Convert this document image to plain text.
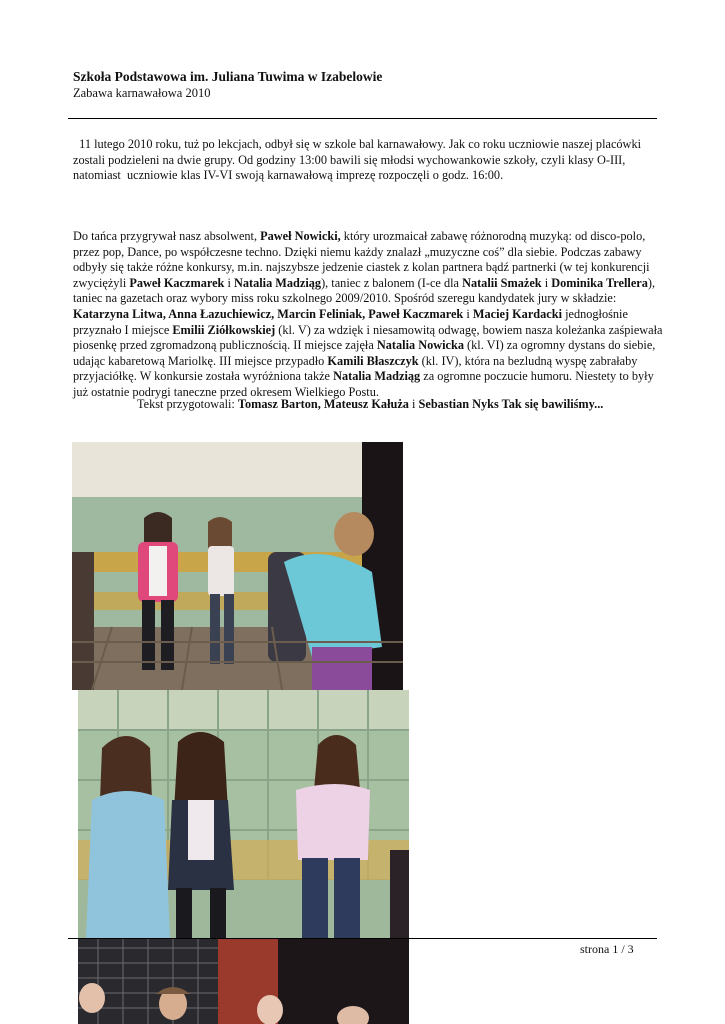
Szkoła Podstawowa im. Juliana Tuwima w Izabelowie
Zabawa karnawałowa 2010
11 lutego 2010 roku, tuż po lekcjach, odbył się w szkole bal karnawałowy. Jak co roku uczniowie naszej placówki zostali podzieleni na dwie grupy. Od godziny 13:00 bawili się młodsi wychowankowie szkoły, czyli klasy O-III, natomiast  uczniowie klas IV-VI swoją karnawałową imprezę rozpoczęli o godz. 16:00.
Do tańca przygrywał nasz absolwent, Paweł Nowicki, który urozmaicał zabawę różnorodną muzyką: od disco-polo, przez pop, Dance, po współczesne techno. Dzięki niemu każdy znalazł „muzyczne coś” dla siebie. Podczas zabawy odbyły się także różne konkursy, m.in. najszybsze jedzenie ciastek z kolan partnera bądź partnerki (w tej konkurencji zwyciężyli Paweł Kaczmarek i Natalia Madziąg), taniec z balonem (I-ce dla Natalii Smażek i Dominika Trellera), taniec na gazetach oraz wybory miss roku szkolnego 2009/2010. Spośród szeregu kandydatek jury w składzie: Katarzyna Litwa, Anna Łazuchiewicz, Marcin Feliniak, Paweł Kaczmarek i Maciej Kardacki jednogłośnie przyznało I miejsce Emilii Ziółkowskiej (kl. V) za wdzięk i niesamowitą odwagę, bowiem nasza koleżanka zaśpiewała piosenkę przed zgromadzoną publicznością. II miejsce zajęła Natalia Nowicka (kl. VI) za ogromny dystans do siebie, udając kabaretową Mariolkę. III miejsce przypadło Kamili Błaszczyk (kl. IV), która na bezludną wyspę zabrałaby przyjaciółkę. W konkursie została wyróżniona także Natalia Madziąg za ogromne poczucie humoru. Niestety to były już ostatnie podrygi taneczne przed okresem Wielkiego Postu.
Tekst przygotowali: Tomasz Barton, Mateusz Kałuża i Sebastian Nyks Tak się bawiliśmy...
strona 1 / 3
